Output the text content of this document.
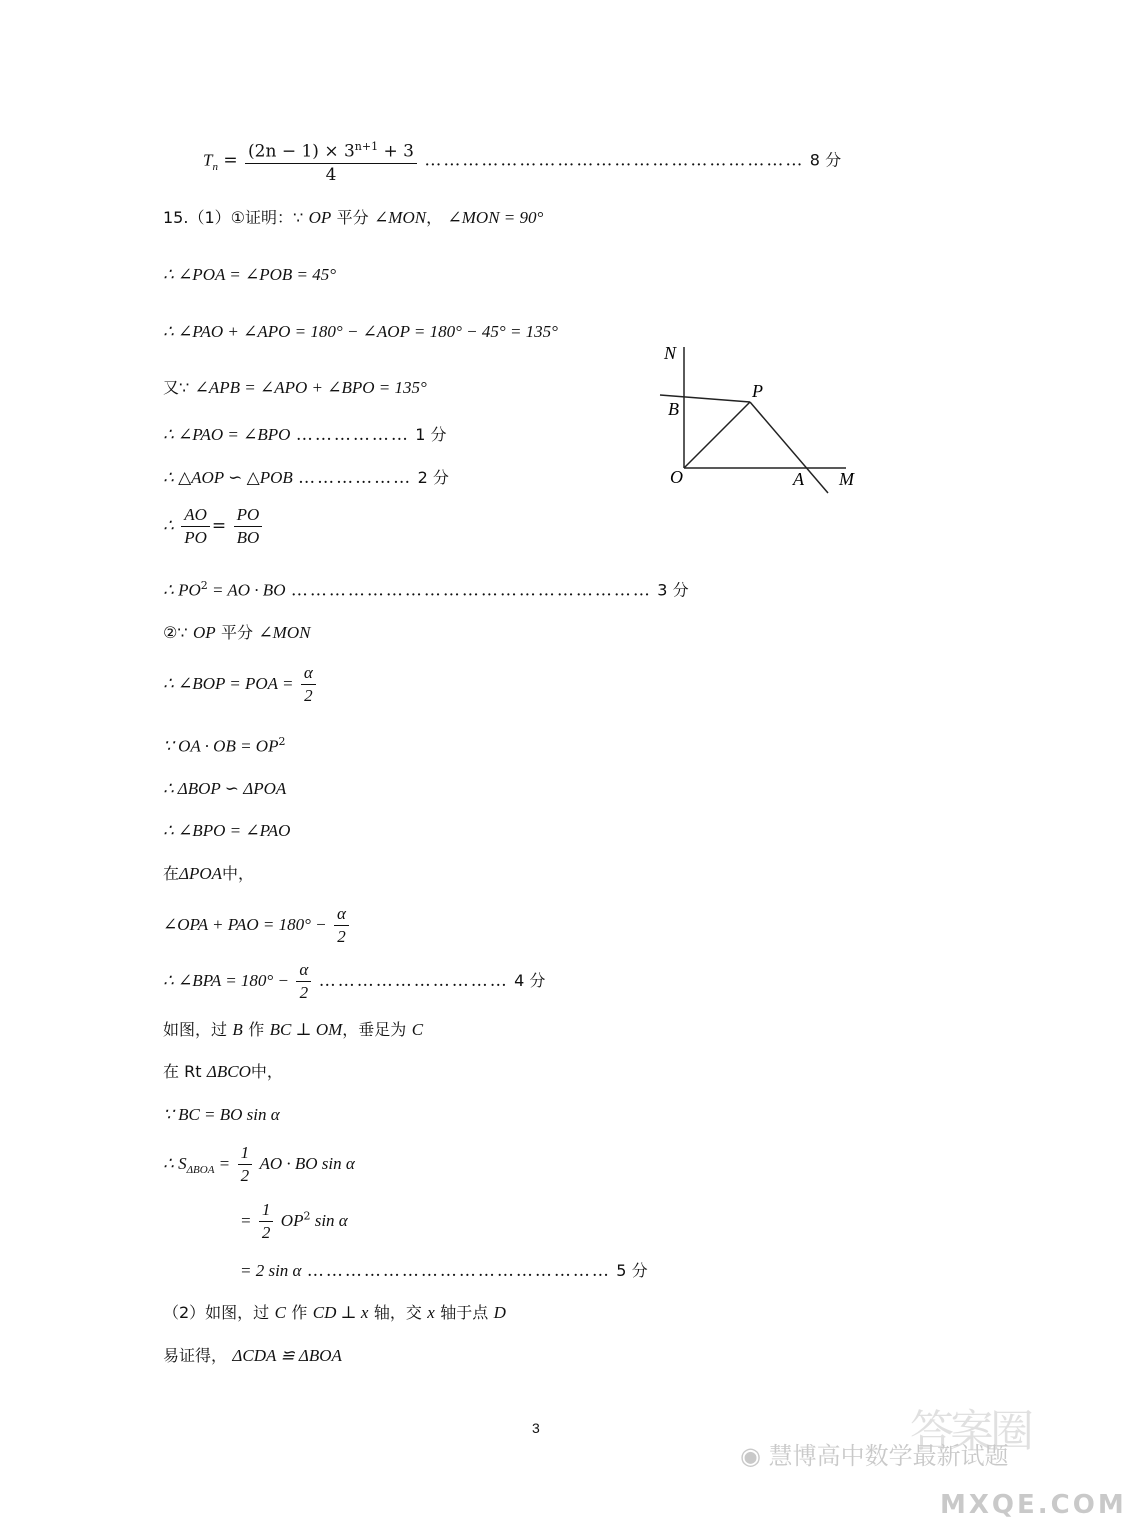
$T_n = \frac{(2n - 1) \times 3^{n+1} + 3}{4}$ …………………………………………………… 8 分
15.（1）①证明：∵ OP 平分 ∠MON， ∠MON = 90°
∴ ∠POA = ∠POB = 45°
∴ ∠PAO + ∠APO = 180° − ∠AOP = 180° − 45° = 135°
又∵ ∠APB = ∠APO + ∠BPO = 135°
∴ ∠PAO = ∠BPO ……………… 1 分
∴ △AOP ∽ △POB ……………… 2 分
∴ $\frac{AO}{PO} = \frac{PO}{BO}$
∴ $PO^2$ = AO · BO ………………………………………………… 3 分
②∵ OP 平分 ∠MON
∴ ∠BOP = POA = $\frac{\alpha}{2}$
∵ OA · OB = $OP^2$
∴ ΔBOP ∽ ΔPOA
∴ ∠BPO = ∠PAO
在ΔPOA中，
∠OPA + PAO = $180^\circ - \frac{\alpha}{2}$
∴ ∠BPA = $180^\circ - \frac{\alpha}{2}$ ………………………… 4 分
如图，过 B 作 BC ⊥ OM，垂足为 C
在 Rt ΔBCO中，
∵ BC = BO sin α
∴ $S_{\Delta BOA} = \frac{1}{2}$ AO · BO sin α
= $\frac{1}{2} OP^2$ sin α
= 2 sin α ………………………………………… 5 分
（2）如图，过 C 作 CD ⊥ x 轴，交 x 轴于点 D
易证得， ΔCDA ≌ ΔBOA
N
B
P
O	A M
3	答案圈
◉ 慧博高中数学最新试题
MXQE.COM
